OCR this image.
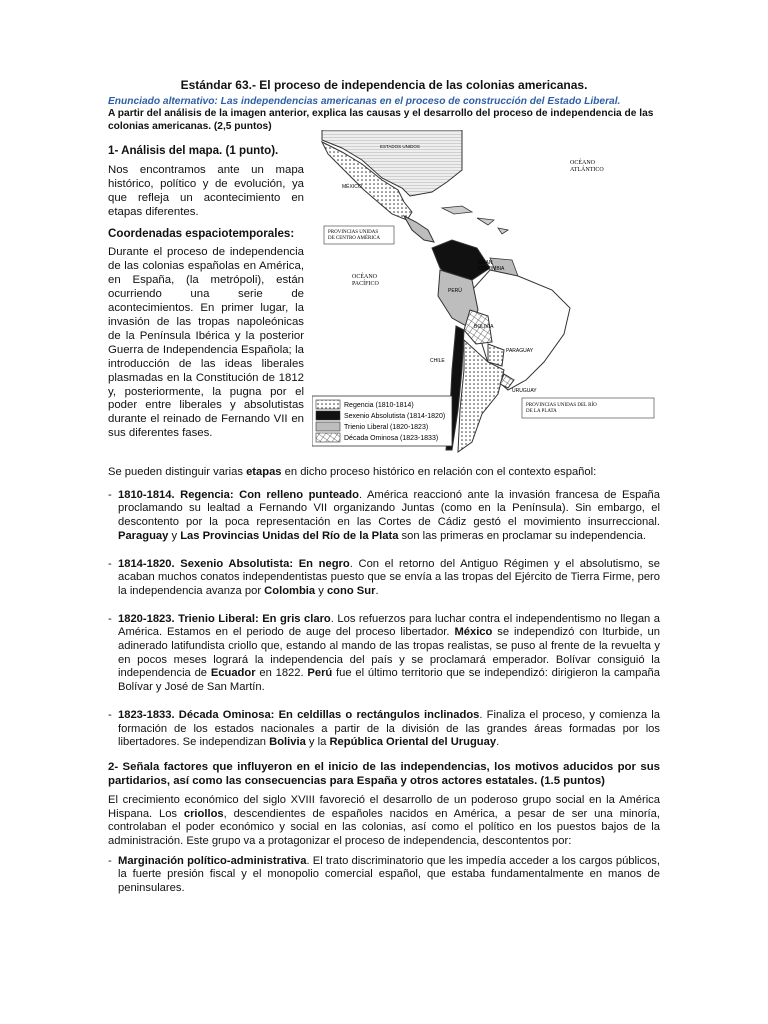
Estándar 63.- El proceso de independencia de las colonias americanas.

Enunciado alternativo: Las independencias americanas en el proceso de construcción del Estado Liberal.

A partir del análisis de la imagen anterior, explica las causas y el desarrollo del proceso de independencia de las colonias americanas. (2,5 puntos)

1- Análisis del mapa. (1 punto).

Nos encontramos ante un mapa histórico, político y de evolución, ya que refleja un acontecimiento en etapas diferentes.

Coordenadas espaciotemporales:

Durante el proceso de independencia de las colonias españolas en América, en España, (la metrópoli), están ocurriendo una serie de acontecimientos. En primer lugar, la invasión de las tropas napoleónicas de la Península Ibérica y la posterior Guerra de Independencia Española; la introducción de las ideas liberales plasmadas en la Constitución de 1812 y, posteriormente, la pugna por el poder entre liberales y absolutistas durante el reinado de Fernando VII en sus diferentes fases.

OCÉANO ATLÁNTICO
OCÉANO PACÍFICO
ESTADOS UNIDOS
MÉXICO
PROVINCIAS UNIDAS DE CENTRO AMÉRICA
GRAN COLOMBIA
PERÚ
BOLIVIA
CHILE
PARAGUAY
URUGUAY
PROVINCIAS UNIDAS DEL RÍO DE LA PLATA
Regencia (1810-1814)
Sexenio Absolutista (1814-1820)
Trienio Liberal (1820-1823)
Década Ominosa (1823-1833)

Se pueden distinguir varias etapas en dicho proceso histórico en relación con el contexto español:

- 1810-1814. Regencia: Con relleno punteado. América reaccionó ante la invasión francesa de España proclamando su lealtad a Fernando VII organizando Juntas (como en la Península). Sin embargo, el descontento por la poca representación en las Cortes de Cádiz gestó el movimiento insurreccional. Paraguay y Las Provincias Unidas del Río de la Plata son las primeras en proclamar su independencia.
- 1814-1820. Sexenio Absolutista: En negro. Con el retorno del Antiguo Régimen y el absolutismo, se acaban muchos conatos independentistas puesto que se envía a las tropas del Ejército de Tierra Firme, pero la independencia avanza por Colombia y cono Sur.
- 1820-1823. Trienio Liberal: En gris claro. Los refuerzos para luchar contra el independentismo no llegan a América. Estamos en el periodo de auge del proceso libertador. México se independizó con Iturbide, un adinerado latifundista criollo que, estando al mando de las tropas realistas, se puso al frente de la revuelta y en pocos meses logrará la independencia del país y se proclamará emperador. Bolívar consiguió la independencia de Ecuador en 1822. Perú fue el último territorio que se independizó: dirigieron la campaña Bolívar y José de San Martín.
- 1823-1833. Década Ominosa: En celdillas o rectángulos inclinados. Finaliza el proceso, y comienza la formación de los estados nacionales a partir de la división de las grandes áreas formadas por los libertadores. Se independizan Bolivia y la República Oriental del Uruguay.
2- Señala factores que influyeron en el inicio de las independencias, los motivos aducidos por sus partidarios, así como las consecuencias para España y otros actores estatales. (1.5 puntos)

El crecimiento económico del siglo XVIII favoreció el desarrollo de un poderoso grupo social en la América Hispana. Los criollos, descendientes de españoles nacidos en América, a pesar de ser una minoría, controlaban el poder económico y social en las colonias, así como el político en los puestos bajos de la administración. Este grupo va a protagonizar el proceso de independencia, descontentos por:

- Marginación político-administrativa. El trato discriminatorio que les impedía acceder a los cargos públicos, la fuerte presión fiscal y el monopolio comercial español, que estaba fundamentalmente en manos de peninsulares.
